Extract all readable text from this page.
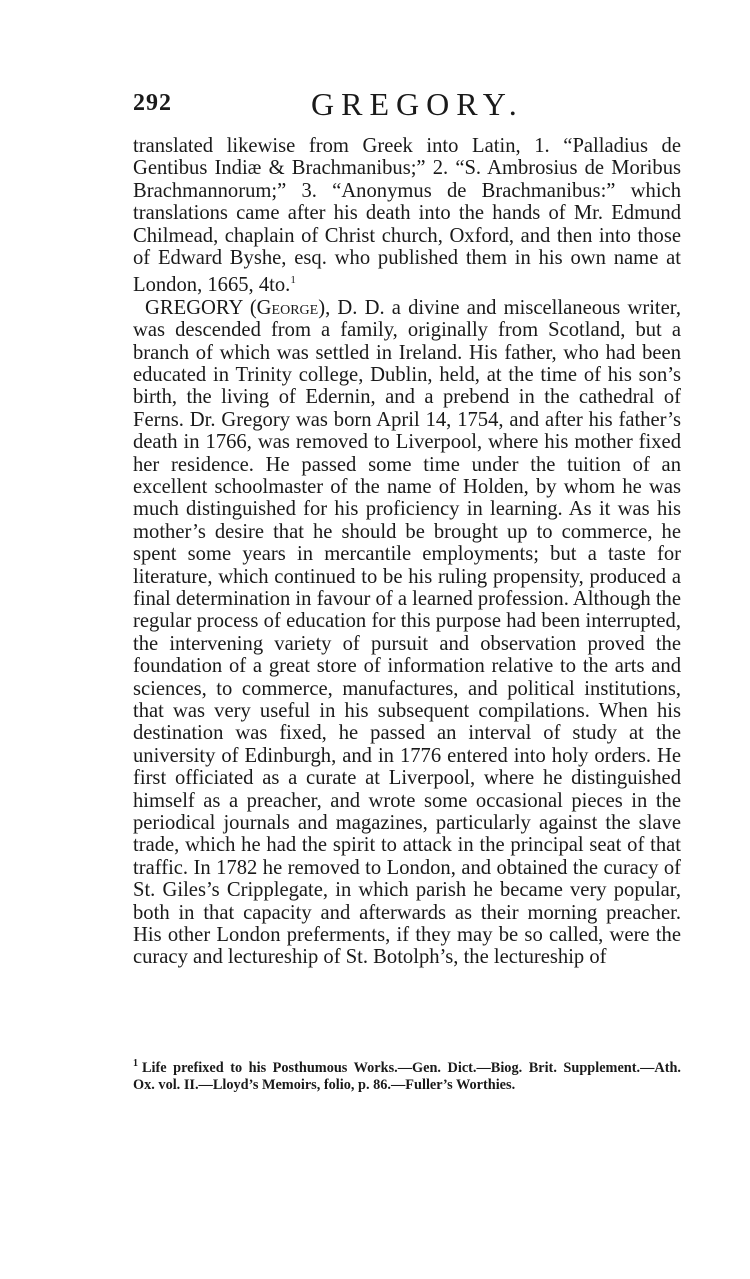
292	GREGORY.

translated likewise from Greek into Latin, 1. “Palladius de Gentibus Indiæ & Brachmanibus;” 2. “S. Ambrosius de Moribus Brachmannorum;” 3. “Anonymus de Brachmanibus:” which translations came after his death into the hands of Mr. Edmund Chilmead, chaplain of Christ church, Oxford, and then into those of Edward Byshe, esq. who published them in his own name at London, 1665, 4to.$^1$

GREGORY (George), D. D. a divine and miscellaneous writer, was descended from a family, originally from Scotland, but a branch of which was settled in Ireland. His father, who had been educated in Trinity college, Dublin, held, at the time of his son’s birth, the living of Edernin, and a prebend in the cathedral of Ferns. Dr. Gregory was born April 14, 1754, and after his father’s death in 1766, was removed to Liverpool, where his mother fixed her residence. He passed some time under the tuition of an excellent schoolmaster of the name of Holden, by whom he was much distinguished for his proficiency in learning. As it was his mother’s desire that he should be brought up to commerce, he spent some years in mercantile employments; but a taste for literature, which continued to be his ruling propensity, produced a final determination in favour of a learned profession. Although the regular process of education for this purpose had been interrupted, the intervening variety of pursuit and observation proved the foundation of a great store of information relative to the arts and sciences, to commerce, manufactures, and political institutions, that was very useful in his subsequent compilations. When his destination was fixed, he passed an interval of study at the university of Edinburgh, and in 1776 entered into holy orders. He first officiated as a curate at Liverpool, where he distinguished himself as a preacher, and wrote some occasional pieces in the periodical journals and magazines, particularly against the slave trade, which he had the spirit to attack in the principal seat of that traffic. In 1782 he removed to London, and obtained the curacy of St. Giles’s Cripplegate, in which parish he became very popular, both in that capacity and afterwards as their morning preacher. His other London preferments, if they may be so called, were the curacy and lectureship of St. Botolph’s, the lectureship of

$^1$ Life prefixed to his Posthumous Works.—Gen. Dict.—Biog. Brit. Supplement.—Ath. Ox. vol. II.—Lloyd’s Memoirs, folio, p. 86.—Fuller’s Worthies.
